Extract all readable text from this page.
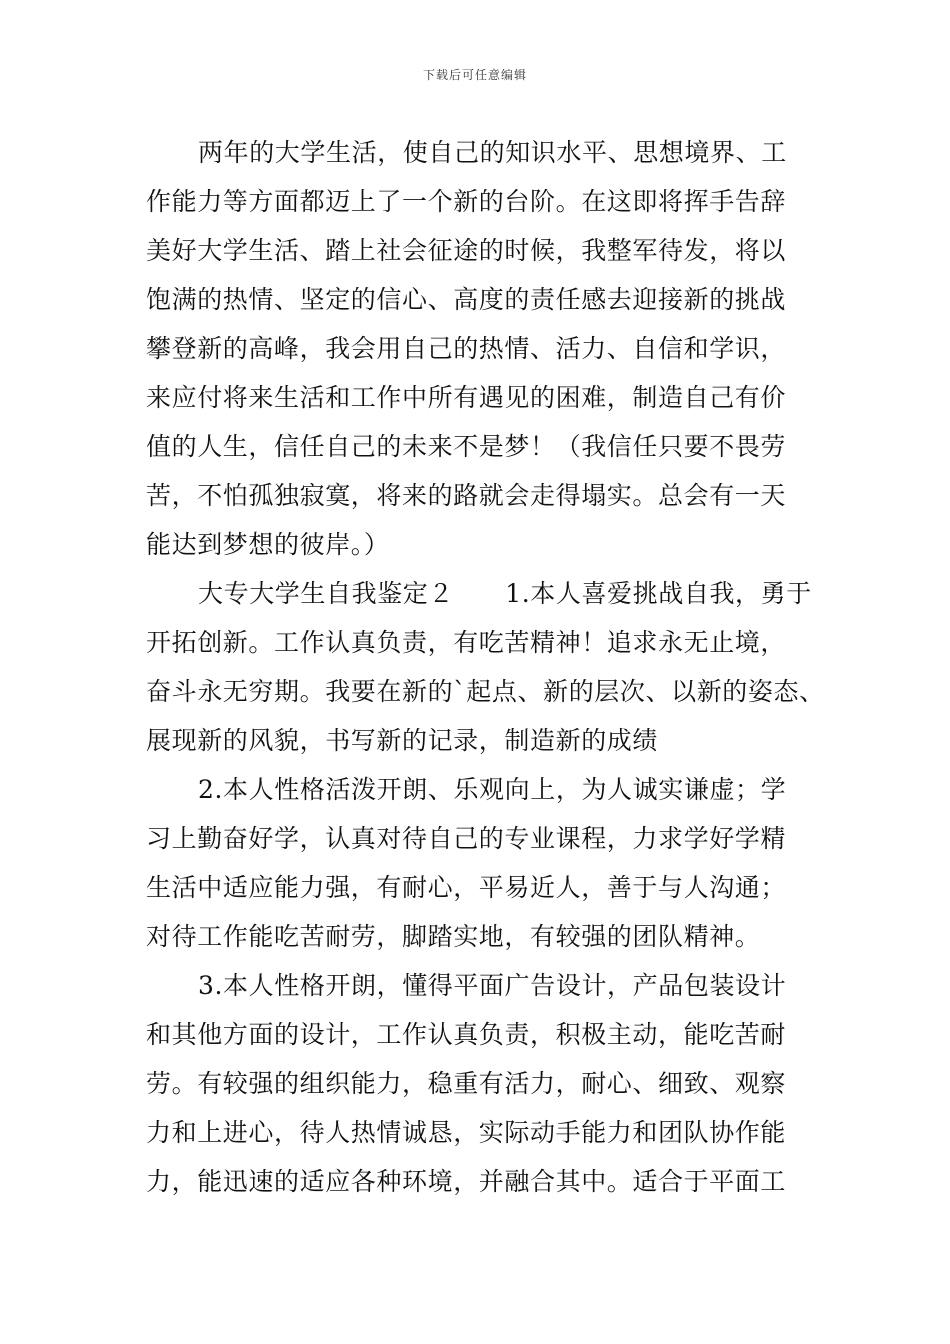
下载后可任意编辑
两年的大学生活，使自己的知识水平、思想境界、工
作能力等方面都迈上了一个新的台阶。在这即将挥手告辞
美好大学生活、踏上社会征途的时候，我整军待发，将以
饱满的热情、坚定的信心、高度的责任感去迎接新的挑战
攀登新的高峰，我会用自己的热情、活力、自信和学识，
来应付将来生活和工作中所有遇见的困难，制造自己有价
值的人生，信任自己的未来不是梦！（我信任只要不畏劳
苦，不怕孤独寂寞，将来的路就会走得塌实。总会有一天
能达到梦想的彼岸。）
大专大学生自我鉴定２　　1.本人喜爱挑战自我，勇于
开拓创新。工作认真负责，有吃苦精神！追求永无止境，
奋斗永无穷期。我要在新的`起点、新的层次、以新的姿态、
展现新的风貌，书写新的记录，制造新的成绩
2.本人性格活泼开朗、乐观向上，为人诚实谦虚；学
习上勤奋好学，认真对待自己的专业课程，力求学好学精
生活中适应能力强，有耐心，平易近人，善于与人沟通；
对待工作能吃苦耐劳，脚踏实地，有较强的团队精神。
3.本人性格开朗，懂得平面广告设计，产品包装设计
和其他方面的设计，工作认真负责，积极主动，能吃苦耐
劳。有较强的组织能力，稳重有活力，耐心、细致、观察
力和上进心，待人热情诚恳，实际动手能力和团队协作能
力，能迅速的适应各种环境，并融合其中。适合于平面工
